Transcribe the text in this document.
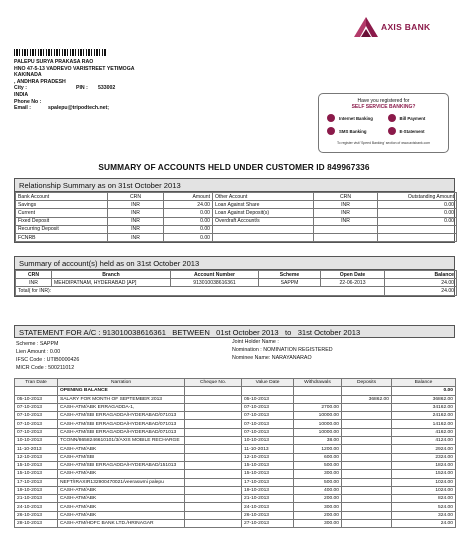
AXIS BANK
PALEPU SURYA PRAKASA RAO
HNO 47-5-13 VADREVO VARISTREET YETIMOGA
KAKINADA
, ANDHRA PRADESH
City :	PIN :	533002
INDIA
Phone No :
Email :	spalepu@tripodtech.net;
Have you registered for
SELF SERVICE BANKING?
Internet Banking	Bill Payment
SMS Banking	E-Statement
To register visit 'Speed Banking' section of www.axisbank.com
SUMMARY OF ACCOUNTS HELD UNDER CUSTOMER ID 849967336
Relationship Summary as on 31st October 2013
Bank Account	CRN	Amount	Other Account	CRN	Outstanding Amount
Savings	INR	24.00	Loan Against Share	INR	0.00
Current	INR	0.00	Loan Against Deposit(s)	INR	0.00
Fixed Deposit	INR	0.00	Overdraft Account/s	INR	0.00
Recurring Deposit	INR	0.00			
FCNRB	INR	0.00			
Summary of account(s) held as on 31st October 2013
CRN	Branch	Account Number	Scheme	Open Date	Balance
INR	MEHDIPATNAM, HYDERABAD [AP]	913010038616361	SAPPM	22-06-2013	24.00
Total( for INR):					24.00
STATEMENT FOR A/C : 913010038616361 BETWEEN 01st October 2013 to 31st October 2013
Scheme : SAPPM
Lien Amount : 0.00
IFSC Code : UTIB0000426
MICR Code : 500211012
Joint Holder Name :
Nomination : NOMINATION REGISTERED
Nominee Name: NARAYANARAO
Tran Date	Narration	Cheque No.	Value Date	Withdrawals	Deposits	Balance
	OPENING BALANCE					0.00
05-10-2013	SALARY FOR MONTH OF SEPTEMBER 2013		05-10-2013		36862.00	36862.00
07-10-2013	CASH-ATM/ABK ERRAGADDA-1,		07-10-2013	2700.00		34162.00
07-10-2013	CASH-ATM/SBI ERRAGADDA/HYDERABAD/071013		07-10-2013	10000.00		24162.00
07-10-2013	CASH-ATM/SBI ERRAGADDA/HYDERABAD/071013		07-10-2013	10000.00		14162.00
07-10-2013	CASH-ATM/SBI ERRAGADDA/HYDERABAD/071013		07-10-2013	10000.00		4162.00
10-10-2013	TCONN/8658246610101/3/AXIS MOBILE RECHARGE		10-10-2013	38.00		4124.00
11-10-2013	CASH-ATM/ABK		11-10-2013	1200.00		2924.00
12-10-2013	CASH-ATM/SBI		12-10-2013	600.00		2324.00
15-10-2013	CASH-ATM/SBI ERRAGADDA/HYDERABAD/151013		15-10-2013	500.00		1824.00
15-10-2013	CASH-ATM/ABK		15-10-2013	300.00		1524.00
17-10-2013	NEFT/IRAXIR132900470021/veeraswmi palepu		17-10-2013	500.00		1024.00
19-10-2013	CASH-ATM/ABK		19-10-2013	400.00		1024.00
21-10-2013	CASH-ATM/ABK		21-10-2013	200.00		824.00
24-10-2013	CASH-ATM/ABK		24-10-2013	300.00		524.00
26-10-2013	CASH-ATM/ABK		26-10-2013	200.00		324.00
28-10-2013	CASH-ATM/HDFC BANK LTD./HRINAGAR		27-10-2013	300.00		24.00
